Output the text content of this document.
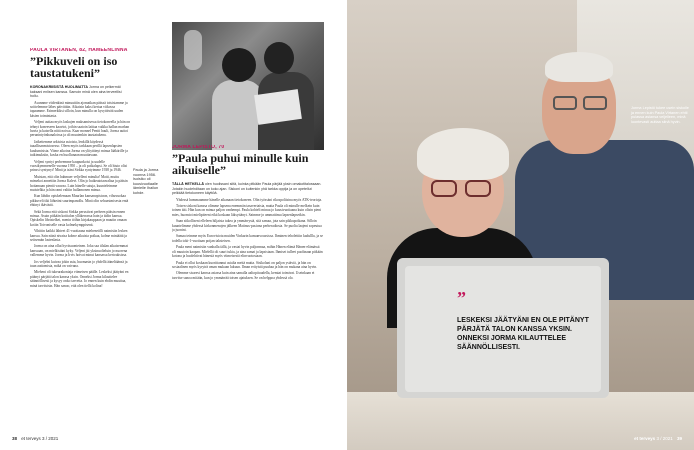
PAULA VIRTANEN, 82, HÄMEENLINNA
”Pikkuveli on iso taustatukeni”
KORONAKRIISISTÄ HUOLIMATTA Jorma on pelkermäi kaksani enlisen kanssa. Samoin minä olen aina terveellisi hollu.

Asunnme viidenkinä minuuttiin ajomatkan päässä toisistamme ja soittelemme lähes päivittäin. Aikaisin kaksi kertaa viikossa tapaamme. Esimerkiksi silloin, kun minulla on kysyttävää uuden käsien toimintasta.

Veljeni auttaa myös laskujen maksamisessa tietokoneella ja hän on tehnyt koneeseen kaaviot, joihin saatoin laittaa vaikka hallan marhan huvia ja katsella niitä noissa. Kaar monnel Pentti hauli, Jorma auttoi perunintyönhanaloissa ja oli muutenkin taustatukena.

Jatkettemme arkisista asioista, lenkillä käydessä tuaallisanmistosesso. Oleen myös tarkkaan perillä lapsenlapsien kuulumisista. Viime aikoina Jorma on ylityttänyt minua lääkärille ja tutkimuksiin, koska en huollunaan muuttavaan.

Veljeni syntyi perheemme kaupunkoisi ja uudelle vuosikymmenelle vuonna 1950 – ja oli poikalapsi. Se oli hiuto olisi prinssi syntynyt! Minä ja isäni Sirkka syntyimme 1938 ja 1946.

Muistan, että olin hahmuer veljelleni minulta! Matti, muttu mimekoi annettiin Jorma Kalevi. Olin jo haikeatotaavaltaa ja pääsin hoitamaan pientä vauvaa. Luin hänelle satuja, kuunteleimme muistelkia ja hän rami valtiin hullamonen minua.

Kun lähdin opiskelemaan Muurlan kansanopistoon, vihuvuokaa pikkuveli tiki lähteäni suurimpanollu. Minä olin sehoastmisesta entä ehtinyt ikävästä.

Sekä Jorma että siskoni Sirkka perustivat perheen pääsin ennen minua. Asuin pitkään kotitalon ylläkerrassa hain ja äidin kanssa. Opiskelin libristelkei, menin töihin kirjakauppaan ja muutin omaan kotiin Toivoniselle vasta kolmekymppisenä.

Vihittin kaikki lähteet 41-vuotiaana mieheneiilli naimisiin lesken kanssa. Sain niinä nivaisa kolme aikuista poikaa, kolme miniäätä ja seitsemän lastenlasta.

Jorma on aina ollut hyväsuonteinen. Joka saa tilalan aikaisemmat kanssaan, on mielkistäni kyky. Veljeni jäi yksinuolteluin jo nuorena vallemme hyvin. Jorma ja Irvis hoivat minut kansassa kertouksissa.

Jos veljelni kuivaa jokin asia, huomasin jo yhdellä ääneltäänsä ja tuun auttomista, mikä on vaivana.

Mieheni oli tukeurakoniaja viimeisen päälle. Leskeksi jäätyäni en pitänyt pärjätä talon kanssa yksin. Onneksi Jorma kilauttelee säännöllisesti ja kysyy onko tarvetta. Jo ennen kuin ehdin muuttaa, minä tarvitsisin. Hän sanoo, että olen tiellä kolina!

Paula ja Jorma vuonna 1956. Isoisiko oli kuusivuotiaalle iämielle Ihailun kohde.
JORMA LEPISTÖ, 70
”Paula puhui minulle kuin aikuiselle”
TÄLLÄ HETKELLÄ olen huolissani siitä, kuinka pitkään Paula pärjää yksin omakotitalossaan. Jotakin huolehditaan on koko ajan. Siskoni on kuitenkin yhä tarkka oppija ja on opetellut pelkkää tietokoneen käyttöä.

Yhdessä hommaamme hänelle aikanaan tietokoneen. Olin työssäni rikospoliisina myös ATK-teorioja.

Toisen siskoni kanssa olimme lapsena enemmän tasavertaisia, mutta Paula oli minulle melkein kuin toinen äiti. Hän kun on minua paljon vanhempi. Paula kohteli minua jo kuusivuotiaana kuin olisin pieni mies, huomioi mielipiteeni eikä koskaan läksyttänyt. Saimme jo ammattinsa lapsenlapsetkin.

Saan sitkolliseni elleleen hiljaista tukea ja ymmärrystä, sitä samaa, jota sain pikkupoikana. Silloin kuuntelimme yhdessä kirkonmenojen jälkeen Matinus-pasiona perheradiosta. Se puolta laajeni sopeutua ja juonini.

Samaa teimme myös Eurovisiota muiden Vinkarin kansanvoussissa. Ihminen teholettiin kadullla, ja se todella toki-1-vuotiaan poijan taksteisen.

Paula meni naimisiin vanhalla iällä, ja vastai hyvin paljonmaa, mihin Hänen elämä Hänen-elämässä oli muutoin kaupan. Mielellä oli suuri tukia, ja aina samat ja lapsistaan. Ihmiset tulleet puolinaan pitkään kotona ja huolehtivat hänestä myös viimeisestä elinvuotostaan.

Paula ei ollut koskaan kuorittannut asialta meitä mutta. Sisikolani on paljon ystäviä, ja hän on sosiaalinen myös kyryträ oman mukaan lukuun. Ilman erityistä puuhaa ja hän on mukana aina hyvin.

Olemme sisaresi kanssa asiassa kuin aina samalla aaltopituudella, kemiat toimivat. Useinkaan ei tarvitse sanoa mitään, kun jo ymmärrää toisen ajatuksen. Se on helppoa yhdessä olo.

38 et terveys 3 / 2021
”
LESKEKSI JÄÄTYÄNI EN OLE PITÄNYT PÄRJÄTÄ TALON KANSSA YKSIN. ONNEKSI JORMA KILAUTTELEE SÄÄNNÖLLISESTI.
Jorma Lepistö tukee usein siskolle ja ennen kuin Paula Virtanen ehtii pulassa asiansa veljelleen, minä luontevasti auttaa siinä hyvin.
et terveys 3 / 2021 39
